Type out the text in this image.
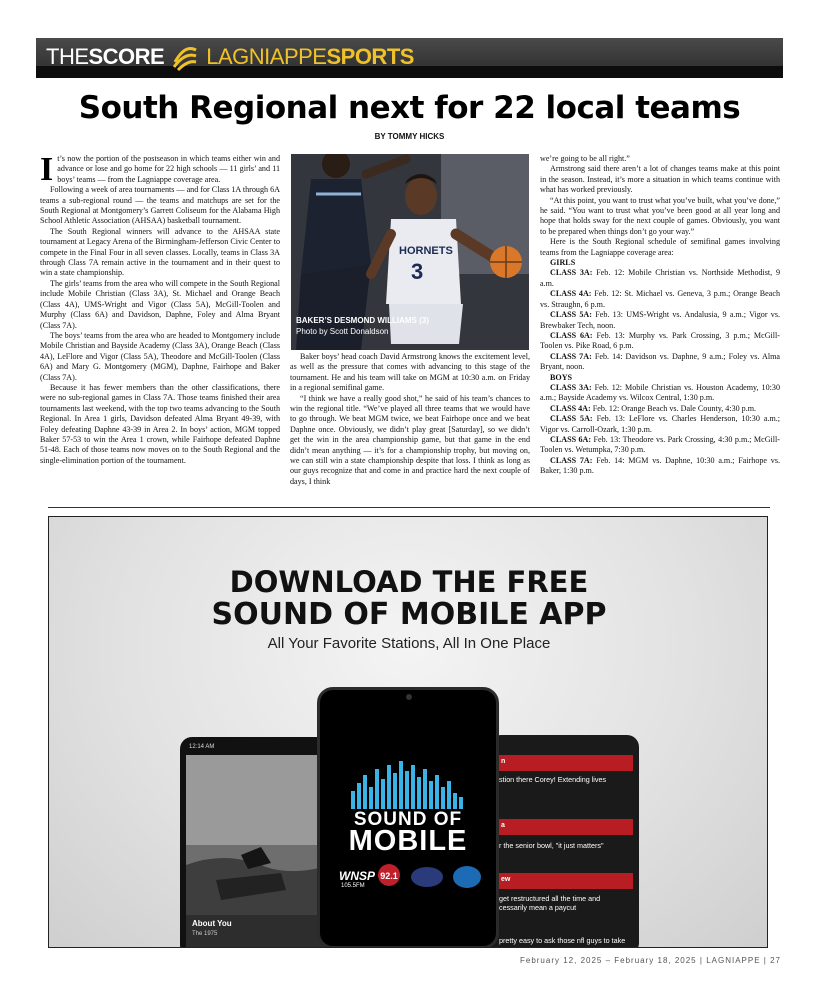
THE SCORE LAGNIAPPE SPORTS
South Regional next for 22 local teams
BY TOMMY HICKS

It’s now the portion of the postseason in which teams either win and advance or lose and go home for 22 high schools — 11 girls’ and 11 boys’ teams — from the Lagniappe coverage area.

Following a week of area tournaments — and for Class 1A through 6A teams a sub-regional round — the teams and matchups are set for the South Regional at Montgomery’s Garrett Coliseum for the Alabama High School Athletic Association (AHSAA) basketball tournament.

The South Regional winners will advance to the AHSAA state tournament at Legacy Arena of the Birmingham-Jefferson Civic Center to compete in the Final Four in all seven classes. Locally, teams in Class 3A through Class 7A remain active in the tournament and in their quest to win a state championship.

The girls’ teams from the area who will compete in the South Regional include Mobile Christian (Class 3A), St. Michael and Orange Beach (Class 4A), UMS-Wright and Vigor (Class 5A), McGill-Toolen and Murphy (Class 6A) and Davidson, Daphne, Foley and Alma Bryant (Class 7A).

The boys’ teams from the area who are headed to Montgomery include Mobile Christian and Bayside Academy (Class 3A), Orange Beach (Class 4A), LeFlore and Vigor (Class 5A), Theodore and McGill-Toolen (Class 6A) and Mary G. Montgomery (MGM), Daphne, Fairhope and Baker (Class 7A).

Because it has fewer members than the other classifications, there were no sub-regional games in Class 7A. Those teams finished their area tournaments last weekend, with the top two teams advancing to the South Regional. In Area 1 girls, Davidson defeated Alma Bryant 49-39, with Foley defeating Daphne 43-39 in Area 2. In boys’ action, MGM topped Baker 57-53 to win the Area 1 crown, while Fairhope defeated Daphne 51-48. Each of those teams now moves on to the South Regional and the single-elimination portion of the tournament.

HORNETS
3
BAKER’S DESMOND WILLIAMS (3)
Photo by Scott Donaldson

Baker boys’ head coach David Armstrong knows the excitement level, as well as the pressure that comes with advancing to this stage of the tournament. He and his team will take on MGM at 10:30 a.m. on Friday in a regional semifinal game.

“I think we have a really good shot,” he said of his team’s chances to win the regional title. “We’ve played all three teams that we would have to go through. We beat MGM twice, we beat Fairhope once and we beat Daphne once. Obviously, we didn’t play great [Saturday], so we didn’t get the win in the area championship game, but that game in the end didn’t mean anything — it’s for a championship trophy, but moving on, we can still win a state championship despite that loss. I think as long as our guys recognize that and come in and practice hard the next couple of days, I think

we’re going to be all right.”

Armstrong said there aren’t a lot of changes teams make at this point in the season. Instead, it’s more a situation in which teams continue with what has worked previously.

“At this point, you want to trust what you’ve built, what you’ve done,” he said. “You want to trust what you’ve been good at all year long and hope that holds sway for the next couple of games. Obviously, you want to be prepared when things don’t go your way.”

Here is the South Regional schedule of semifinal games involving teams from the Lagniappe coverage area:

GIRLS

CLASS 3A: Feb. 12: Mobile Christian vs. Northside Methodist, 9 a.m.

CLASS 4A: Feb. 12: St. Michael vs. Geneva, 3 p.m.; Orange Beach vs. Straughn, 6 p.m.

CLASS 5A: Feb. 13: UMS-Wright vs. Andalusia, 9 a.m.; Vigor vs. Brewbaker Tech, noon.

CLASS 6A: Feb. 13: Murphy vs. Park Crossing, 3 p.m.; McGill-Toolen vs. Pike Road, 6 p.m.

CLASS 7A: Feb. 14: Davidson vs. Daphne, 9 a.m.; Foley vs. Alma Bryant, noon.

BOYS

CLASS 3A: Feb. 12: Mobile Christian vs. Houston Academy, 10:30 a.m.; Bayside Academy vs. Wilcox Central, 1:30 p.m.

CLASS 4A: Feb. 12: Orange Beach vs. Dale County, 4:30 p.m.

CLASS 5A: Feb. 13: LeFlore vs. Charles Henderson, 10:30 a.m.; Vigor vs. Carroll-Ozark, 1:30 p.m.

CLASS 6A: Feb. 13: Theodore vs. Park Crossing, 4:30 p.m.; McGill-Toolen vs. Wetumpka, 7:30 p.m.

CLASS 7A: Feb. 14: MGM vs. Daphne, 10:30 a.m.; Fairhope vs. Baker, 1:30 p.m.

DOWNLOAD THE FREE
SOUND OF MOBILE APP
All Your Favorite Stations, All In One Place
12:14 AM
About You
The 1975
n
stion there Corey! Extending lives
a
r the senior bowl, "it just matters"
ew
get restructured all the time and cessarily mean a paycut
pretty easy to ask those nfl guys to take
SOUND OF
MOBILE
WNSP
105.5FM
92.1
February 12, 2025 – February 18, 2025 | LAGNIAPPE | 27
